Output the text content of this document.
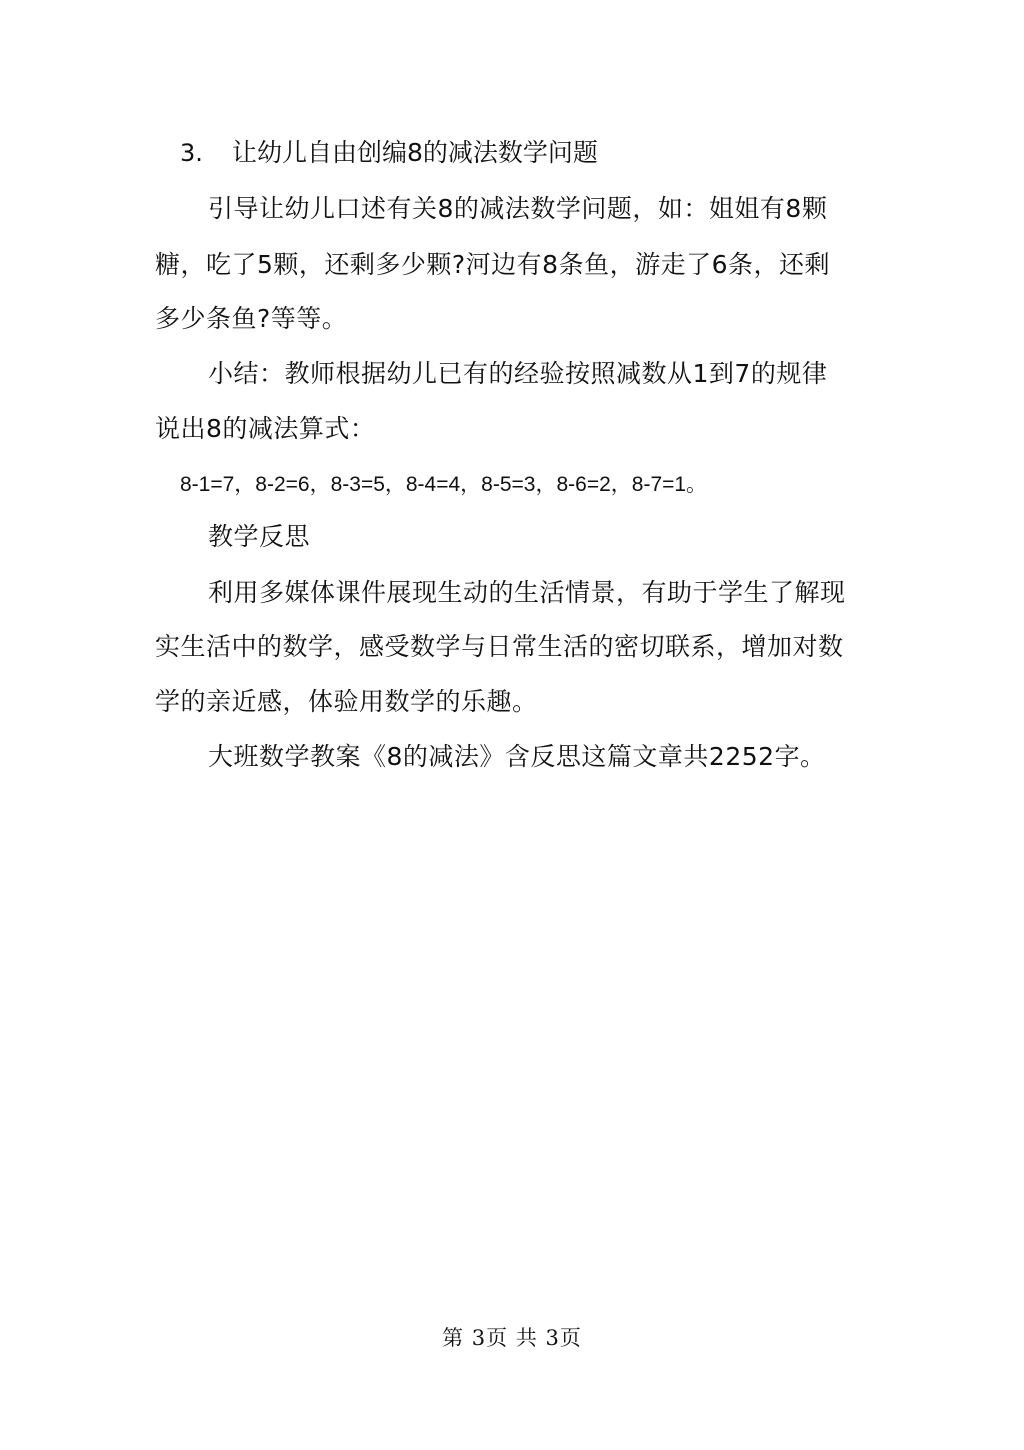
3. 让幼儿自由创编8的减法数学问题
引导让幼儿口述有关8的减法数学问题，如：姐姐有8颗
糖，吃了5颗，还剩多少颗?河边有8条鱼，游走了6条，还剩
多少条鱼?等等。
小结：教师根据幼儿已有的经验按照减数从1到7的规律
说出8的减法算式：
8-1=7，8-2=6，8-3=5，8-4=4，8-5=3，8-6=2，8-7=1。
教学反思
利用多媒体课件展现生动的生活情景，有助于学生了解现
实生活中的数学，感受数学与日常生活的密切联系，增加对数
学的亲近感，体验用数学的乐趣。
大班数学教案《8的减法》含反思这篇文章共2252字。
第 3页 共 3页
